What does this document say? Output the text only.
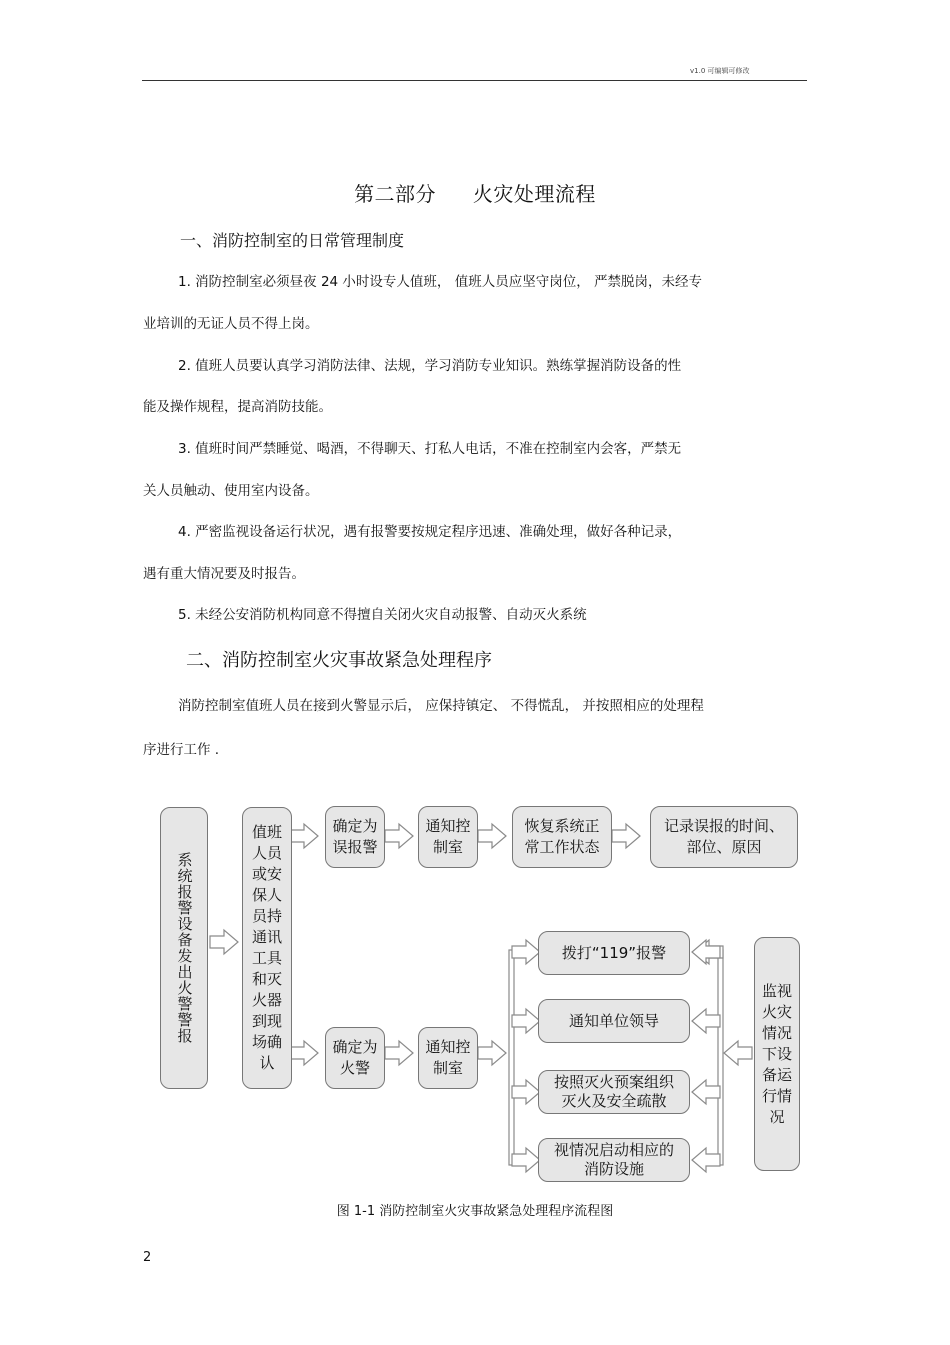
v1.0 可编辑可修改
第二部分 火灾处理流程
一、消防控制室的日常管理制度
1. 消防控制室必须昼夜 24 小时设专人值班， 值班人员应坚守岗位， 严禁脱岗，未经专
业培训的无证人员不得上岗。
2. 值班人员要认真学习消防法律、法规，学习消防专业知识。熟练掌握消防设备的性
能及操作规程，提高消防技能。
3. 值班时间严禁睡觉、喝酒，不得聊天、打私人电话，不准在控制室内会客，严禁无
关人员触动、使用室内设备。
4. 严密监视设备运行状况，遇有报警要按规定程序迅速、准确处理，做好各种记录，
遇有重大情况要及时报告。
5. 未经公安消防机构同意不得擅自关闭火灾自动报警、自动灭火系统
二、消防控制室火灾事故紧急处理程序
消防控制室值班人员在接到火警显示后， 应保持镇定、 不得慌乱， 并按照相应的处理程
序进行工作 .
系统报警设备发出火警警报
值班人员或安保人员持通讯工具和灭火器到现场确认
确定为误报警
通知控制室
恢复系统正常工作状态
记录误报的时间、部位、原因
确定为火警
通知控制室
拨打“119”报警
通知单位领导
按照灭火预案组织灭火及安全疏散
视情况启动相应的消防设施
监视火灾情况下设备运行情况
图 1-1 消防控制室火灾事故紧急处理程序流程图
2
